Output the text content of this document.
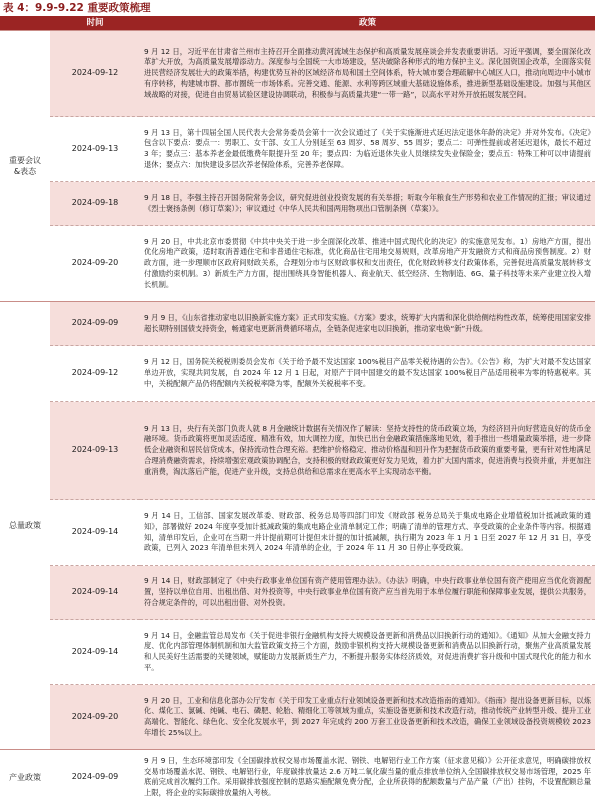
表 4：9.9-9.22 重要政策梳理
	时间	政策
重要会议&表态	2024-09-12	9 月 12 日，习近平在甘肃省兰州市主持召开全面推动黄河流域生态保护和高质量发展座谈会并发表重要讲话。习近平强调，要全面深化改革扩大开放，为高质量发展增添动力。深度参与全国统一大市场建设，坚决破除各种形式的地方保护主义。深化国资国企改革，全面落实促进民营经济发展壮大的政策举措，构建优势互补的区域经济布局和国土空间体系，特大城市要合理疏解中心城区人口，推动向周边中小城市有序转移，构建城市群、都市圈统一市场体系。完善交通、能源、水利等跨区域重大基础设施体系，推进新型基础设施建设。加强与其他区域战略的对接，促进自由贸易试验区建设协调联动，积极参与高质量共建“一带一路”，以高水平对外开放拓展发展空间。
	2024-09-13	9 月 13 日，第十四届全国人民代表大会常务委员会第十一次会议通过了《关于实施渐进式延迟法定退休年龄的决定》并对外发布。《决定》包含以下要点：要点一：男职工、女干部、女工人分别延至 63 周岁、58 周岁、55 周岁；要点二：可弹性提前或者延迟退休，最长不超过 3 年；要点三：基本养老金最低缴费年限提升至 20 年；要点四：为临近退休失业人员继续发失业保险金；要点五：特殊工种可以申请提前退休；要点六：加快建设多层次养老保险体系，完善养老保障。
	2024-09-18	9 月 18 日，李强主持召开国务院常务会议，研究促进创业投资发展的有关举措；听取今年粮食生产形势和农业工作情况的汇报；审议通过《烈士褒扬条例（修订草案）》；审议通过《中华人民共和国两用物项出口管制条例（草案）》。
	2024-09-20	9 月 20 日，中共北京市委贯彻《中共中央关于进一步全面深化改革、推进中国式现代化的决定》的实施意见发布。1）房地产方面，提出优化房地产政策，适时取消普通住宅和非普通住宅标准，优化商品住宅用地交易规则，改革房地产开发融资方式和商品房预售制度。2）财政方面，进一步理顺市区政府间财政关系，合理划分市与区财政事权和支出责任，优化财政转移支付政策体系，完善促进高质量发展转移支付激励约束机制。3）新质生产力方面，提出围绕具身智能机器人、商业航天、低空经济、生物制造、6G、量子科技等未来产业建立投入增长机制。
总量政策	2024-09-09	9 月 9 日，《山东省推动家电以旧换新实施方案》正式印发实施。《方案》要求，统筹扩大内需和深化供给侧结构性改革，统筹使用国家安排超长期特别国债支持资金，畅通家电更新消费循环堵点，全链条促进家电以旧换新，推动家电焕“新”升级。
	2024-09-12	9 月 12 日，国务院关税税则委员会发布《关于给予最不发达国家 100%税目产品零关税待遇的公告》。《公告》称，为扩大对最不发达国家单边开放，实现共同发展，自 2024 年 12 月 1 日起，对原产于同中国建交的最不发达国家 100%税目产品适用税率为零的特惠税率。其中，关税配额产品仍将配额内关税税率降为零，配额外关税税率不变。
	2024-09-13	9 月 13 日，央行有关部门负责人就 8 月金融统计数据有关情况作了解读：坚持支持性的货币政策立场，为经济回升向好营造良好的货币金融环境。货币政策将更加灵活适度、精准有效，加大调控力度，加快已出台金融政策措施落地见效，着手推出一些增量政策举措，进一步降低企业融资和居民信贷成本，保持流动性合理充裕。把维护价格稳定、推动价格温和回升作为把握货币政策的重要考量，更有针对性地满足合理消费融资需求，持续增强宏观政策协调配合，支持积极的财政政策更好发力见效，着力扩大国内需求，促进消费与投资并重，并更加注重消费，淘汰落后产能，促进产业升级，支持总供给和总需求在更高水平上实现动态平衡。
	2024-09-14	9 月 14 日，工信部、国家发展改革委、财政部、税务总局等四部门印发《财政部 税务总局关于集成电路企业增值税加计抵减政策的通知》，部署做好 2024 年度享受加计抵减政策的集成电路企业清单制定工作；明确了清单的管理方式、享受政策的企业条件等内容。根据通知，清单印发后，企业可在当期一并计提前期可计提但未计提的加计抵减额，执行期为 2023 年 1 月 1 日至 2027 年 12 月 31 日，享受政策，已列入 2023 年清单但未列入 2024 年清单的企业，于 2024 年 11 月 30 日停止享受政策。
	2024-09-14	9 月 14 日，财政部制定了《中央行政事业单位国有资产使用管理办法》。《办法》明确，中央行政事业单位国有资产使用应当优化资源配置，坚持以单位自用、出租出借、对外投资等，中央行政事业单位国有资产应当首先用于本单位履行职能和保障事业发展，提供公共服务，符合规定条件的，可以出租出借、对外投资。
	2024-09-14	9 月 14 日，金融监管总局发布《关于促进非银行金融机构支持大规模设备更新和消费品以旧换新行动的通知》。《通知》从加大金融支持力度、优化内部管理体制机制和加大监管政策支持三个方面，鼓励非银机构支持大规模设备更新和消费品以旧换新行动，聚焦产业高质量发展和人民美好生活需要的关键领域，赋能助力发展新质生产力，不断提升服务实体经济质效，对促进消费扩容升级和中国式现代化的能力和水平。
	2024-09-20	9 月 20 日，工业和信息化部办公厅发布《关于印发工业重点行业领域设备更新和技术改造指南的通知》。《指南》提出设备更新目标，以炼化、煤化工、氯碱、纯碱、电石、磷肥、轮胎、精细化工等领域为重点，实施设备更新和技术改造行动，推动传统产业转型升级、提升工业高端化、智能化、绿色化、安全化发展水平，到 2027 年完成约 200 万套工业设备更新和技术改造，确保工业领域设备投资规模较 2023 年增长 25%以上。
产业政策	2024-09-09	9 月 9 日，生态环境部印发《全国碳排放权交易市场覆盖水泥、钢铁、电解铝行业工作方案（征求意见稿）》公开征求意见，明确碳排放权交易市场覆盖水泥、钢铁、电解铝行业，年度碳排放量达 2.6 万吨二氧化碳当量的重点排放单位纳入全国碳排放权交易市场管理，2025 年底前完成首次履约工作。采用碳排放强度控制的思路实施配额免费分配，企业所获得的配额数量与产品产量（产出）挂钩，不设置配额总量上限，将企业的实际碳排放量纳入考核。
